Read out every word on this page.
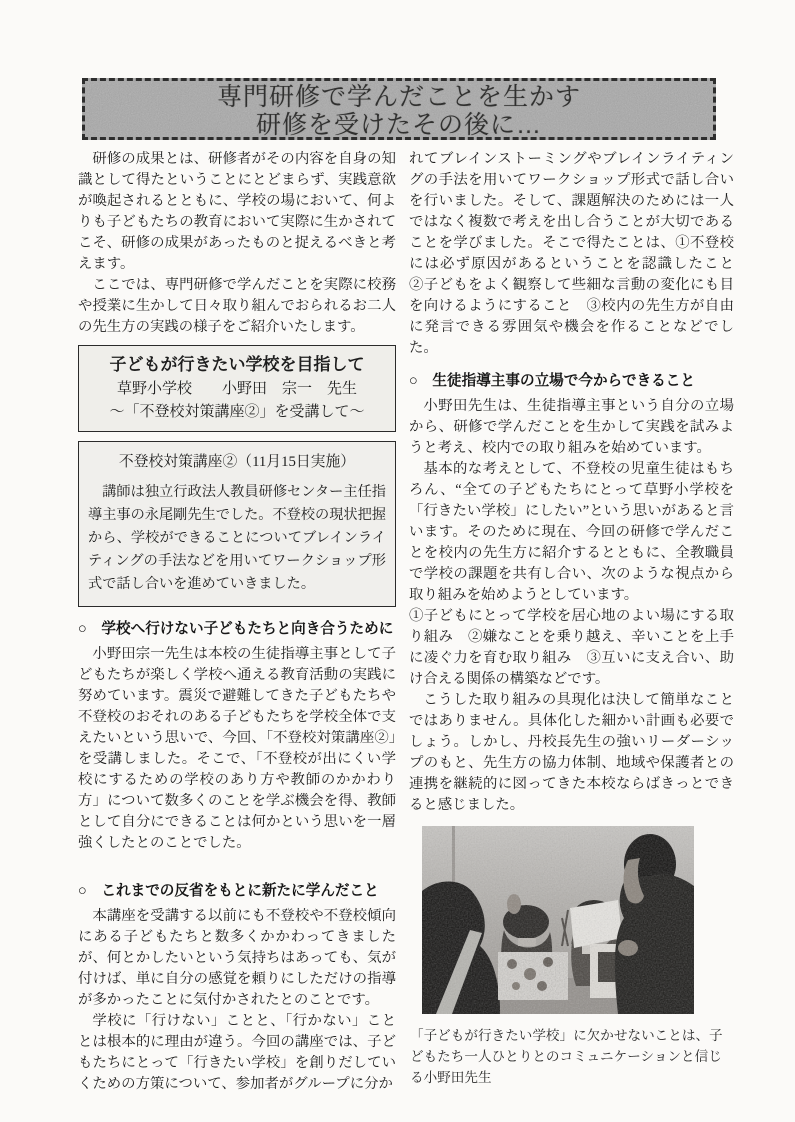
専門研修で学んだことを生かす
研修を受けたその後に…

研修の成果とは、研修者がその内容を自身の知識として得たということにとどまらず、実践意欲が喚起されるとともに、学校の場において、何よりも子どもたちの教育において実際に生かされてこそ、研修の成果があったものと捉えるべきと考えます。

ここでは、専門研修で学んだことを実際に校務や授業に生かして日々取り組んでおられるお二人の先生方の実践の様子をご紹介いたします。

子どもが行きたい学校を目指して
草野小学校　　小野田　宗一　先生
～「不登校対策講座②」を受講して～
不登校対策講座②（11月15日実施）

講師は独立行政法人教員研修センター主任指導主事の永尾剛先生でした。不登校の現状把握から、学校ができることについてブレインライティングの手法などを用いてワークショップ形式で話し合いを進めていきました。

○　学校へ行けない子どもたちと向き合うために

小野田宗一先生は本校の生徒指導主事として子どもたちが楽しく学校へ通える教育活動の実践に努めています。震災で避難してきた子どもたちや不登校のおそれのある子どもたちを学校全体で支えたいという思いで、今回、「不登校対策講座②」を受講しました。そこで、「不登校が出にくい学校にするための学校のあり方や教師のかかわり方」について数多くのことを学ぶ機会を得、教師として自分にできることは何かという思いを一層強くしたとのことでした。

○　これまでの反省をもとに新たに学んだこと

本講座を受講する以前にも不登校や不登校傾向にある子どもたちと数多くかかわってきましたが、何とかしたいという気持ちはあっても、気が付けば、単に自分の感覚を頼りにしただけの指導が多かったことに気付かされたとのことです。

学校に「行けない」ことと、「行かない」こととは根本的に理由が違う。今回の講座では、子どもたちにとって「行きたい学校」を創りだしていくための方策について、参加者がグループに分か

れてブレインストーミングやブレインライティングの手法を用いてワークショップ形式で話し合いを行いました。そして、課題解決のためには一人ではなく複数で考えを出し合うことが大切であることを学びました。そこで得たことは、①不登校には必ず原因があるということを認識したこと　②子どもをよく観察して些細な言動の変化にも目を向けるようにすること　③校内の先生方が自由に発言できる雰囲気や機会を作ることなどでした。

○　生徒指導主事の立場で今からできること

小野田先生は、生徒指導主事という自分の立場から、研修で学んだことを生かして実践を試みようと考え、校内での取り組みを始めています。

基本的な考えとして、不登校の児童生徒はもちろん、“全ての子どもたちにとって草野小学校を「行きたい学校」にしたい”という思いがあると言います。そのために現在、今回の研修で学んだことを校内の先生方に紹介するとともに、全教職員で学校の課題を共有し合い、次のような視点から取り組みを始めようとしています。

①子どもにとって学校を居心地のよい場にする取り組み　②嫌なことを乗り越え、辛いことを上手に凌ぐ力を育む取り組み　③互いに支え合い、助け合える関係の構築などです。

こうした取り組みの具現化は決して簡単なことではありません。具体化した細かい計画も必要でしょう。しかし、丹校長先生の強いリーダーシップのもと、先生方の協力体制、地域や保護者との連携を継続的に図ってきた本校ならばきっとできると感じました。

「子どもが行きたい学校」に欠かせないことは、子どもたち一人ひとりとのコミュニケーションと信じる小野田先生
